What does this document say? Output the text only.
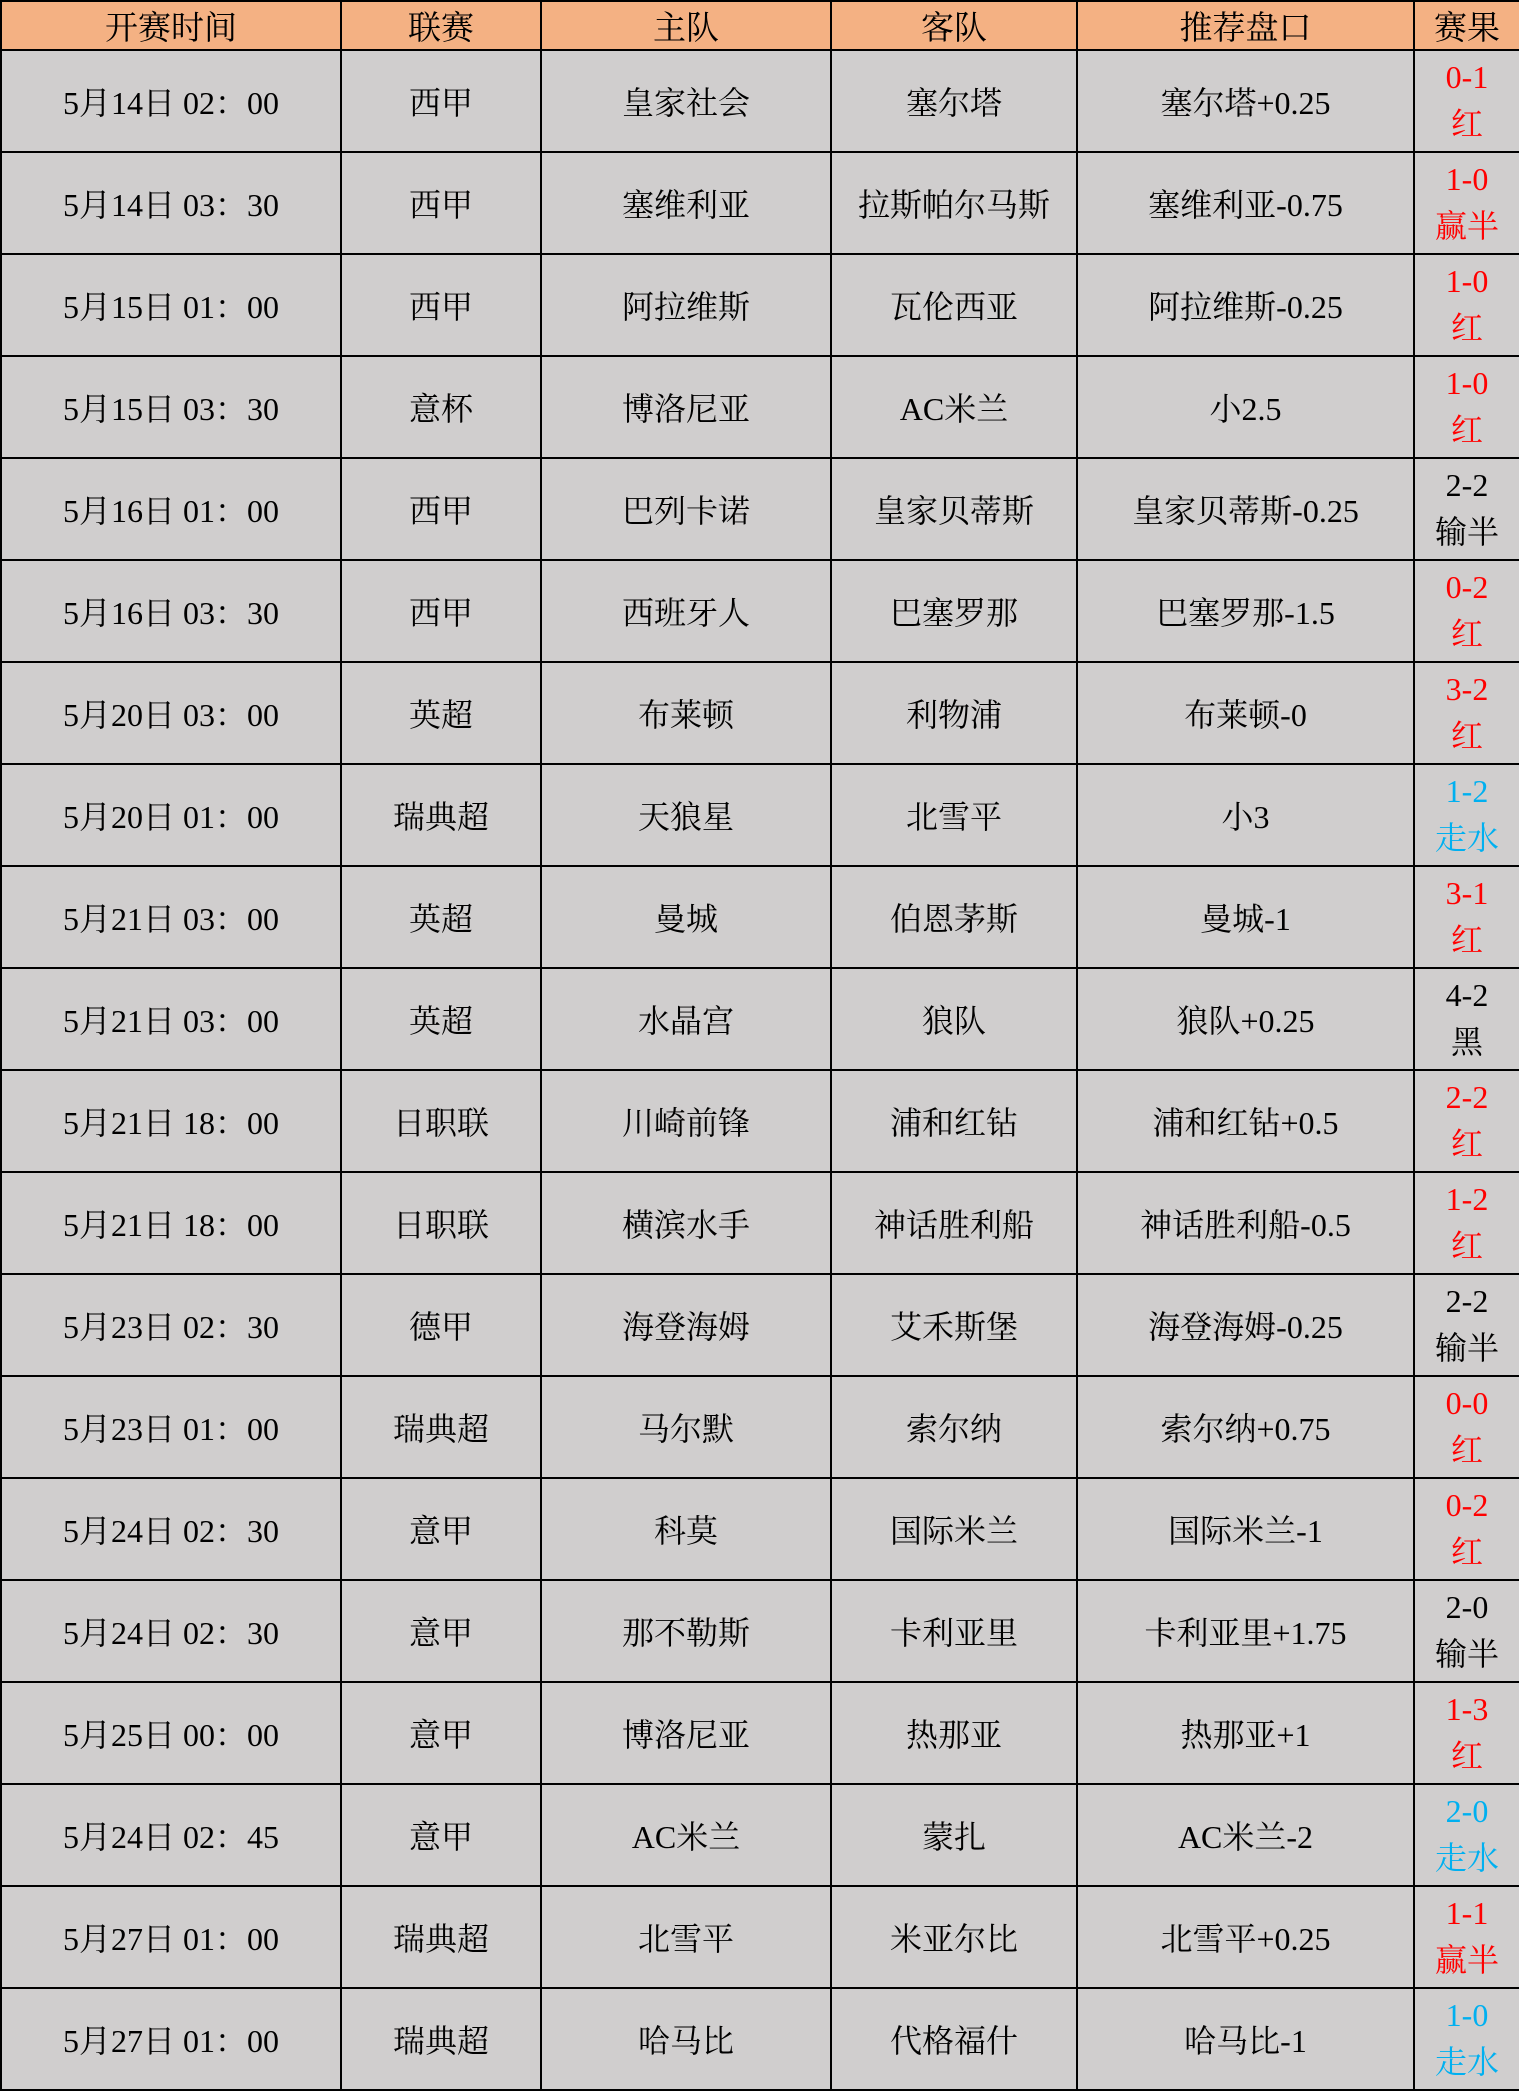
开赛时间	联赛	主队	客队	推荐盘口	赛果
5月14日 02：00	西甲	皇家社会	塞尔塔	塞尔塔+0.25	0-1
红

5月14日 03：30	西甲	塞维利亚	拉斯帕尔马斯	塞维利亚-0.75	1-0
赢半

5月15日 01：00	西甲	阿拉维斯	瓦伦西亚	阿拉维斯-0.25	1-0
红

5月15日 03：30	意杯	博洛尼亚	AC米兰	小2.5	1-0
红

5月16日 01：00	西甲	巴列卡诺	皇家贝蒂斯	皇家贝蒂斯-0.25	2-2
输半

5月16日 03：30	西甲	西班牙人	巴塞罗那	巴塞罗那-1.5	0-2
红

5月20日 03：00	英超	布莱顿	利物浦	布莱顿-0	3-2
红

5月20日 01：00	瑞典超	天狼星	北雪平	小3	1-2
走水

5月21日 03：00	英超	曼城	伯恩茅斯	曼城-1	3-1
红

5月21日 03：00	英超	水晶宫	狼队	狼队+0.25	4-2
黑

5月21日 18：00	日职联	川崎前锋	浦和红钻	浦和红钻+0.5	2-2
红

5月21日 18：00	日职联	横滨水手	神话胜利船	神话胜利船-0.5	1-2
红

5月23日 02：30	德甲	海登海姆	艾禾斯堡	海登海姆-0.25	2-2
输半

5月23日 01：00	瑞典超	马尔默	索尔纳	索尔纳+0.75	0-0
红

5月24日 02：30	意甲	科莫	国际米兰	国际米兰-1	0-2
红

5月24日 02：30	意甲	那不勒斯	卡利亚里	卡利亚里+1.75	2-0
输半

5月25日 00：00	意甲	博洛尼亚	热那亚	热那亚+1	1-3
红

5月24日 02：45	意甲	AC米兰	蒙扎	AC米兰-2	2-0
走水

5月27日 01：00	瑞典超	北雪平	米亚尔比	北雪平+0.25	1-1
赢半

5月27日 01：00	瑞典超	哈马比	代格福什	哈马比-1	1-0
走水
